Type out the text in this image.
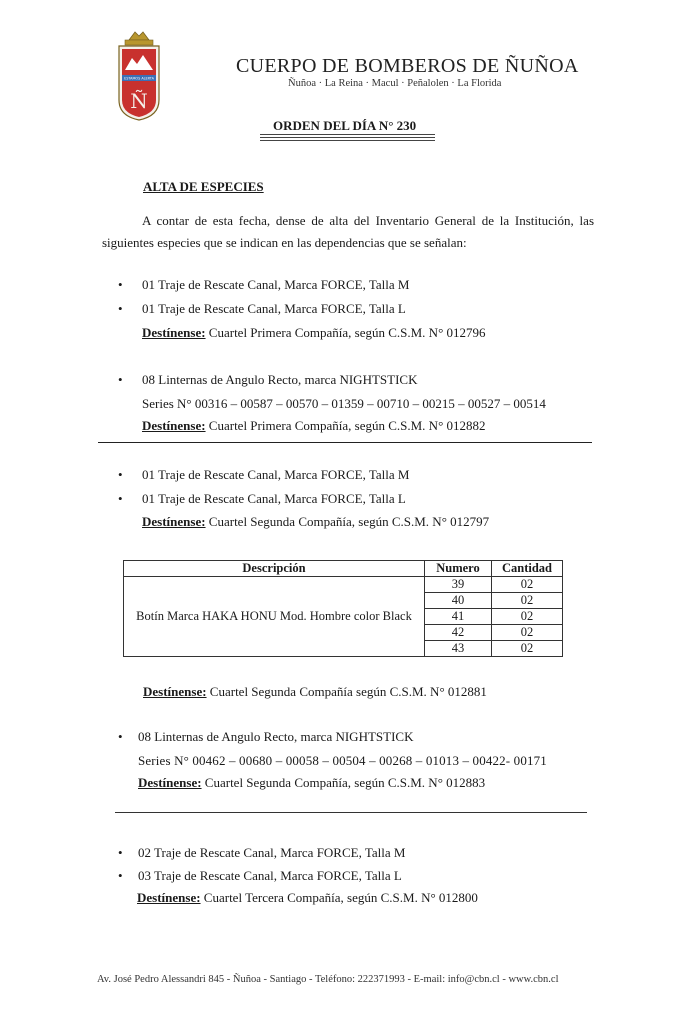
ESTAMOS ALERTA
Ñ
CUERPO DE BOMBEROS DE ÑUÑOA
Ñuñoa · La Reina · Macul · Peñalolen · La Florida
ORDEN DEL DÍA N° 230
ALTA DE ESPECIES
A contar de esta fecha, dense de alta del Inventario General de la Institución, las siguientes especies que se indican en las dependencias que se señalan:
• 01 Traje de Rescate Canal, Marca FORCE, Talla M
• 01 Traje de Rescate Canal, Marca FORCE, Talla L
Destínense: Cuartel Primera Compañía, según C.S.M. N° 012796
• 08 Linternas de Angulo Recto, marca NIGHTSTICK
Series N° 00316 – 00587 – 00570 – 01359 – 00710 – 00215 – 00527 – 00514
Destínense: Cuartel Primera Compañía, según C.S.M. N° 012882
• 01 Traje de Rescate Canal, Marca FORCE, Talla M
• 01 Traje de Rescate Canal, Marca FORCE, Talla L
Destínense: Cuartel Segunda Compañía, según C.S.M. N° 012797
Descripción	Numero	Cantidad
Botín Marca HAKA HONU Mod. Hombre color Black	39	02
	40	02
	41	02
	42	02
	43	02
Destínense: Cuartel Segunda Compañía según C.S.M. N° 012881
• 08 Linternas de Angulo Recto, marca NIGHTSTICK
Series N° 00462 – 00680 – 00058 – 00504 – 00268 – 01013 – 00422- 00171
Destínense: Cuartel Segunda Compañía, según C.S.M. N° 012883
• 02 Traje de Rescate Canal, Marca FORCE, Talla M
• 03 Traje de Rescate Canal, Marca FORCE, Talla L
Destínense: Cuartel Tercera Compañía, según C.S.M. N° 012800
Av. José Pedro Alessandri 845 - Ñuñoa - Santiago - Teléfono: 222371993 - E-mail: info@cbn.cl - www.cbn.cl
